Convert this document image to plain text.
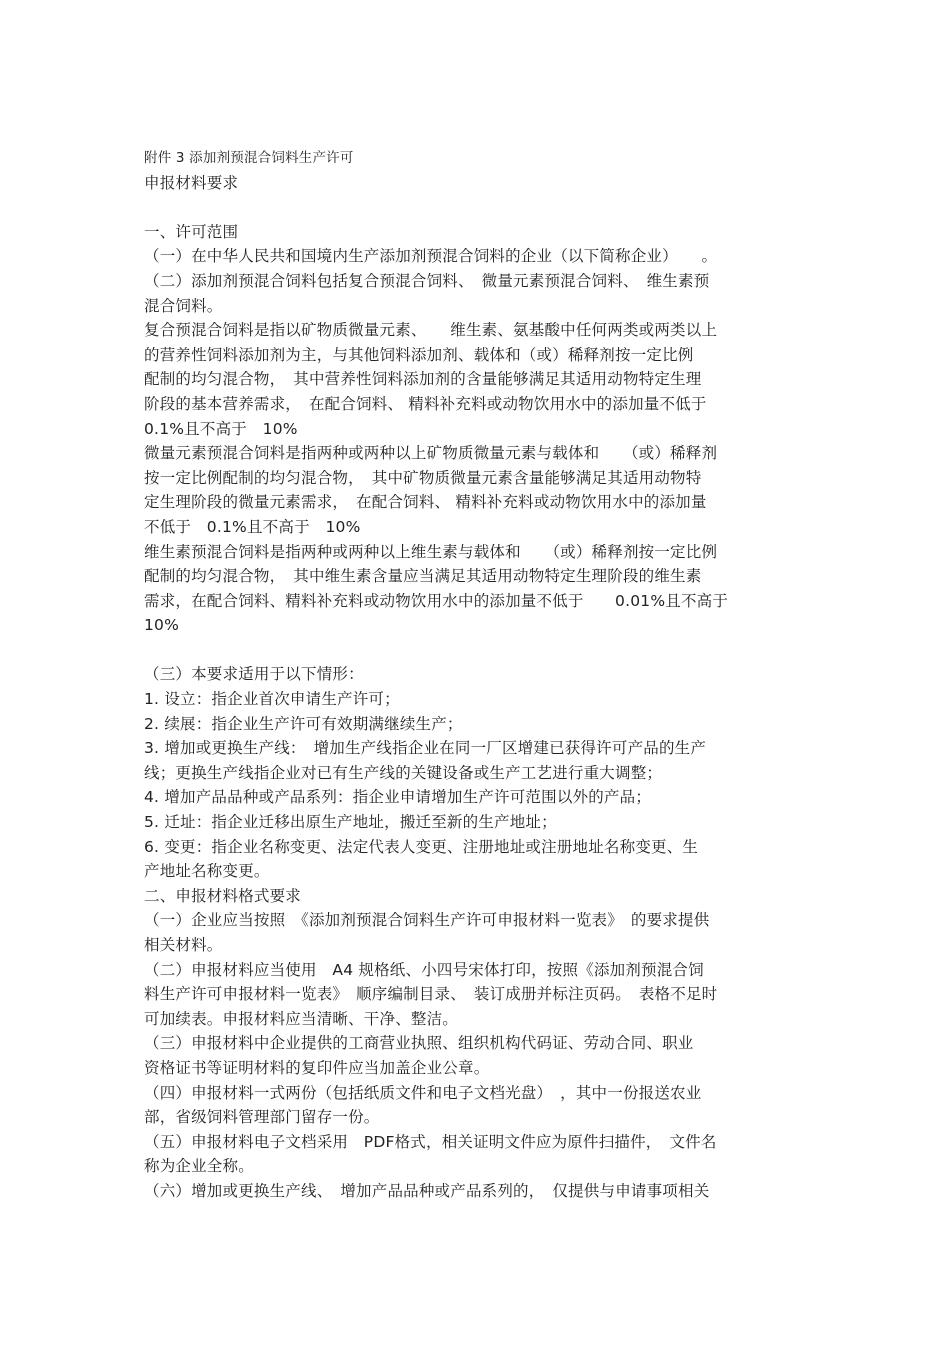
附件 3 添加剂预混合饲料生产许可
申报材料要求
一、许可范围
（一）在中华人民共和国境内生产添加剂预混合饲料的企业（以下简称企业）　　。
（二）添加剂预混合饲料包括复合预混合饲料、　微量元素预混合饲料、　维生素预
混合饲料。
复合预混合饲料是指以矿物质微量元素、　　维生素、氨基酸中任何两类或两类以上
的营养性饲料添加剂为主，与其他饲料添加剂、载体和（或）稀释剂按一定比例
配制的均匀混合物，　其中营养性饲料添加剂的含量能够满足其适用动物特定生理
阶段的基本营养需求，　在配合饲料、 精料补充料或动物饮用水中的添加量不低于
0.1%且不高于　10%
微量元素预混合饲料是指两种或两种以上矿物质微量元素与载体和　　（或）稀释剂
按一定比例配制的均匀混合物，　其中矿物质微量元素含量能够满足其适用动物特
定生理阶段的微量元素需求，　在配合饲料、 精料补充料或动物饮用水中的添加量
不低于　0.1%且不高于　10%
维生素预混合饲料是指两种或两种以上维生素与载体和　　（或）稀释剂按一定比例
配制的均匀混合物，　其中维生素含量应当满足其适用动物特定生理阶段的维生素
需求，在配合饲料、精料补充料或动物饮用水中的添加量不低于　　0.01%且不高于
10%
（三）本要求适用于以下情形：
1. 设立：指企业首次申请生产许可；
2. 续展：指企业生产许可有效期满继续生产；
3. 增加或更换生产线：　增加生产线指企业在同一厂区增建已获得许可产品的生产
线；更换生产线指企业对已有生产线的关键设备或生产工艺进行重大调整；
4. 增加产品品种或产品系列：指企业申请增加生产许可范围以外的产品；
5. 迁址：指企业迁移出原生产地址，搬迁至新的生产地址；
6. 变更：指企业名称变更、法定代表人变更、注册地址或注册地址名称变更、生
产地址名称变更。
二、申报材料格式要求
（一）企业应当按照　《添加剂预混合饲料生产许可申报材料一览表》　的要求提供
相关材料。
（二）申报材料应当使用　A4 规格纸、小四号宋体打印，按照《添加剂预混合饲
料生产许可申报材料一览表》　顺序编制目录、　装订成册并标注页码。　表格不足时
可加续表。申报材料应当清晰、干净、整洁。
（三）申报材料中企业提供的工商营业执照、组织机构代码证、劳动合同、职业
资格证书等证明材料的复印件应当加盖企业公章。
（四）申报材料一式两份（包括纸质文件和电子文档光盘）　，其中一份报送农业
部，省级饲料管理部门留存一份。
（五）申报材料电子文档采用　PDF格式，相关证明文件应为原件扫描件，　文件名
称为企业全称。
（六）增加或更换生产线、　增加产品品种或产品系列的，　仅提供与申请事项相关
